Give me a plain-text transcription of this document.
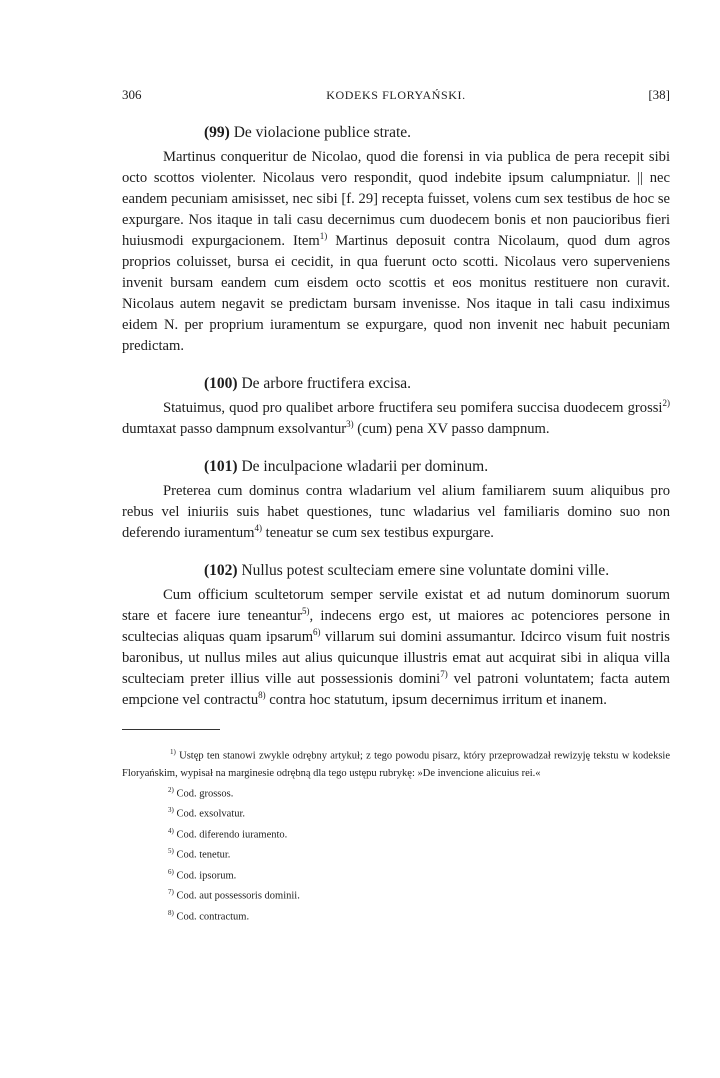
306	KODEKS FLORYAŃSKI.	[38]
(99) De violacione publice strate.

Martinus conqueritur de Nicolao, quod die forensi in via publica de pera recepit sibi octo scottos violenter. Nicolaus vero respondit, quod indebite ipsum calumpniatur. || nec eandem pecuniam amisisset, nec sibi [f. 29] recepta fuisset, volens cum sex testibus de hoc se expurgare. Nos itaque in tali casu decernimus cum duodecem bonis et non paucioribus fieri huiusmodi expurgacionem. Item$^{1)}$ Martinus deposuit contra Nicolaum, quod dum agros proprios coluisset, bursa ei cecidit, in qua fuerunt octo scotti. Nicolaus vero superveniens invenit bursam eandem cum eisdem octo scottis et eos monitus restituere non curavit. Nicolaus autem negavit se predictam bursam invenisse. Nos itaque in tali casu indiximus eidem N. per proprium iuramentum se expurgare, quod non invenit nec habuit pecuniam predictam.

(100) De arbore fructifera excisa.

Statuimus, quod pro qualibet arbore fructifera seu pomifera succisa duodecem grossi$^{2)}$ dumtaxat passo dampnum exsolvantur$^{3)}$ (cum) pena XV passo dampnum.

(101) De inculpacione wladarii per dominum.

Preterea cum dominus contra wladarium vel alium familiarem suum aliquibus pro rebus vel iniuriis suis habet questiones, tunc wladarius vel familiaris domino suo non deferendo iuramentum$^{4)}$ teneatur se cum sex testibus expurgare.

(102) Nullus potest sculteciam emere sine voluntate domini ville.

Cum officium scultetorum semper servile existat et ad nutum dominorum suorum stare et facere iure teneantur$^{5)}$, indecens ergo est, ut maiores ac potenciores persone in scultecias aliquas quam ipsarum$^{6)}$ villarum sui domini assumantur. Idcirco visum fuit nostris baronibus, ut nullus miles aut alius quicunque illustris emat aut acquirat sibi in aliqua villa sculteciam preter illius ville aut possessionis domini$^{7)}$ vel patroni voluntatem; facta autem empcione vel contractu$^{8)}$ contra hoc statutum, ipsum decernimus irritum et inanem.

$^{1)}$ Ustęp ten stanowi zwykle odrębny artykuł; z tego powodu pisarz, który przeprowadzał rewizyję tekstu w kodeksie Floryańskim, wypisał na marginesie odrębną dla tego ustępu rubrykę: »De invencione alicuius rei.«

$^{2)}$ Cod. grossos.

$^{3)}$ Cod. exsolvatur.

$^{4)}$ Cod. diferendo iuramento.

$^{5)}$ Cod. tenetur.

$^{6)}$ Cod. ipsorum.

$^{7)}$ Cod. aut possessoris dominii.

$^{8)}$ Cod. contractum.
